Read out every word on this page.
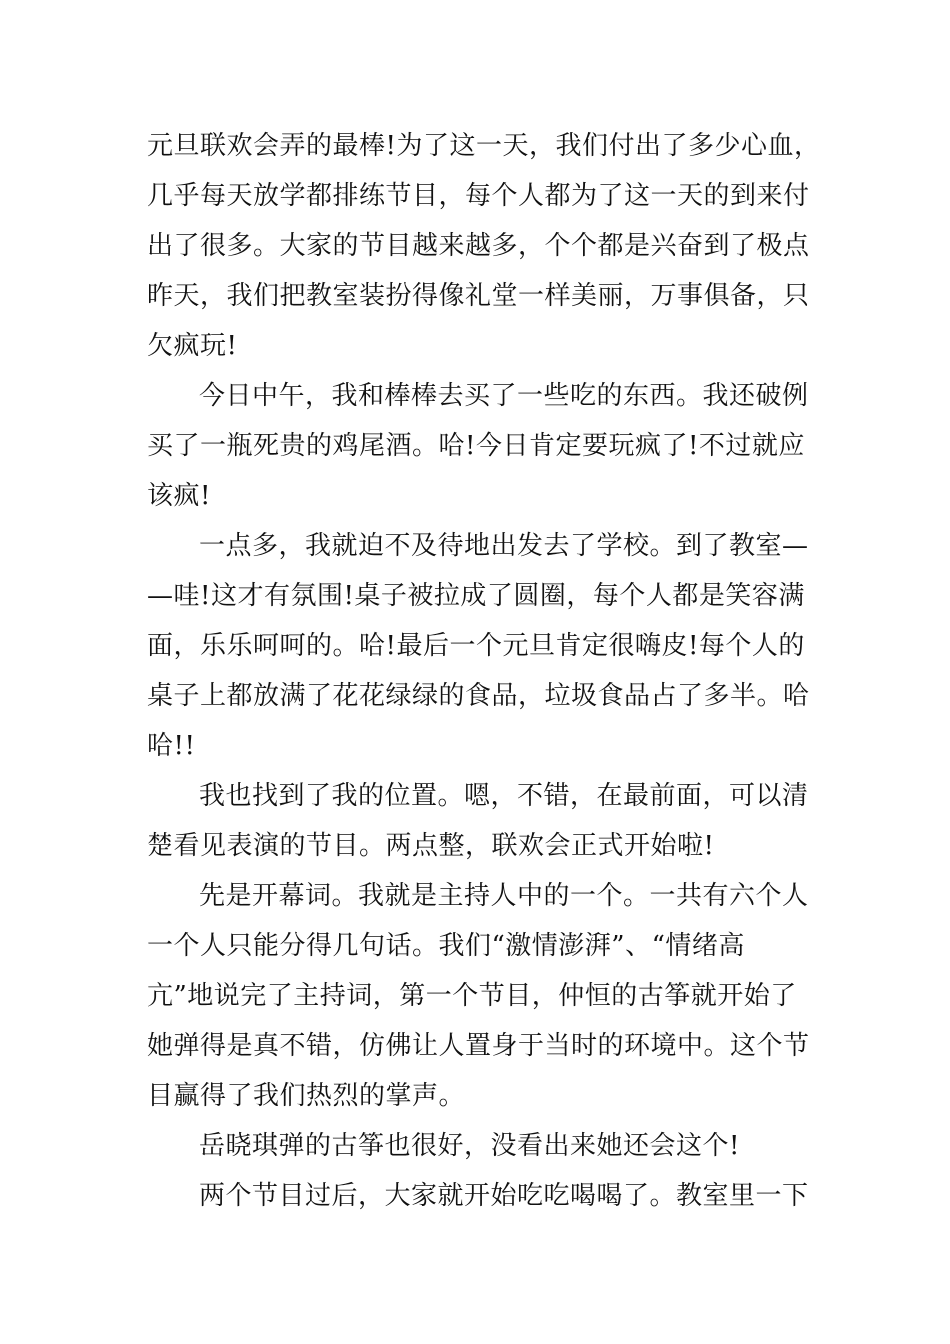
元旦联欢会弄的最棒!为了这一天，我们付出了多少心血，
几乎每天放学都排练节目，每个人都为了这一天的到来付
出了很多。大家的节目越来越多，个个都是兴奋到了极点
昨天，我们把教室装扮得像礼堂一样美丽，万事俱备，只
欠疯玩!
今日中午，我和棒棒去买了一些吃的东西。我还破例
买了一瓶死贵的鸡尾酒。哈!今日肯定要玩疯了!不过就应
该疯!
一点多，我就迫不及待地出发去了学校。到了教室—
—哇!这才有氛围!桌子被拉成了圆圈，每个人都是笑容满
面，乐乐呵呵的。哈!最后一个元旦肯定很嗨皮!每个人的
桌子上都放满了花花绿绿的食品，垃圾食品占了多半。哈
哈!!
我也找到了我的位置。嗯，不错，在最前面，可以清
楚看见表演的节目。两点整，联欢会正式开始啦!
先是开幕词。我就是主持人中的一个。一共有六个人
一个人只能分得几句话。我们“激情澎湃”、“情绪高
亢”地说完了主持词，第一个节目，仲恒的古筝就开始了
她弹得是真不错，仿佛让人置身于当时的环境中。这个节
目赢得了我们热烈的掌声。
岳晓琪弹的古筝也很好，没看出来她还会这个!
两个节目过后，大家就开始吃吃喝喝了。教室里一下
